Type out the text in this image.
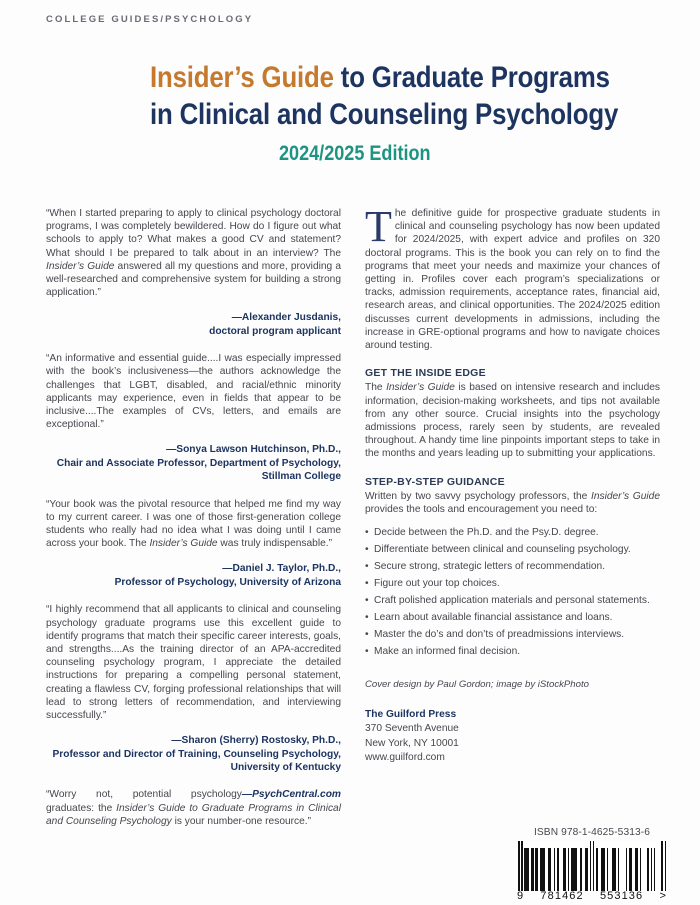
COLLEGE GUIDES/PSYCHOLOGY
Insider’s Guide to Graduate Programs
in Clinical and Counseling Psychology
2024/2025 Edition
“When I started preparing to apply to clinical psychology doctoral programs, I was completely bewildered. How do I figure out what schools to apply to? What makes a good CV and statement? What should I be prepared to talk about in an interview? The Insider’s Guide answered all my questions and more, providing a well-researched and comprehensive system for building a strong application.”
—Alexander Jusdanis,
doctoral program applicant
“An informative and essential guide....I was especially impressed with the book’s inclusiveness—the authors acknowledge the challenges that LGBT, disabled, and racial/ethnic minority applicants may experience, even in fields that appear to be inclusive....The examples of CVs, letters, and emails are exceptional.”
—Sonya Lawson Hutchinson, Ph.D.,
Chair and Associate Professor, Department of Psychology,
Stillman College
“Your book was the pivotal resource that helped me find my way to my current career. I was one of those first-generation college students who really had no idea what I was doing until I came across your book. The Insider’s Guide was truly indispensable.”
—Daniel J. Taylor, Ph.D.,
Professor of Psychology, University of Arizona
“I highly recommend that all applicants to clinical and counseling psychology graduate programs use this excellent guide to identify programs that match their specific career interests, goals, and strengths....As the training director of an APA-accredited counseling psychology program, I appreciate the detailed instructions for preparing a compelling personal statement, creating a flawless CV, forging professional relationships that will lead to strong letters of recommendation, and interviewing successfully.”
—Sharon (Sherry) Rostosky, Ph.D.,
Professor and Director of Training, Counseling Psychology,
University of Kentucky
—PsychCentral.com
“Worry not, potential psychology graduates: the Insider’s Guide to Graduate Programs in Clinical and Counseling Psychology is your number-one resource.”

The definitive guide for prospective graduate students in clinical and counseling psychology has now been updated for 2024/2025, with expert advice and profiles on 320 doctoral programs. This is the book you can rely on to find the programs that meet your needs and maximize your chances of getting in. Profiles cover each program’s specializations or tracks, admission requirements, acceptance rates, financial aid, research areas, and clinical opportunities. The 2024/2025 edition discusses current developments in admissions, including the increase in GRE-optional programs and how to navigate choices around testing.

GET THE INSIDE EDGE
The Insider’s Guide is based on intensive research and includes information, decision-making worksheets, and tips not available from any other source. Crucial insights into the psychology admissions process, rarely seen by students, are revealed throughout. A handy time line pinpoints important steps to take in the months and years leading up to submitting your applications.
STEP-BY-STEP GUIDANCE
Written by two savvy psychology professors, the Insider’s Guide provides the tools and encouragement you need to:
• Decide between the Ph.D. and the Psy.D. degree.
• Differentiate between clinical and counseling psychology.
• Secure strong, strategic letters of recommendation.
• Figure out your top choices.
• Craft polished application materials and personal statements.
• Learn about available financial assistance and loans.
• Master the do’s and don’ts of preadmissions interviews.
• Make an informed final decision.
Cover design by Paul Gordon; image by iStockPhoto
The Guilford Press
370 Seventh Avenue
New York, NY 10001
www.guilford.com
ISBN 978-1-4625-5313-6
9 781462 553136 >
